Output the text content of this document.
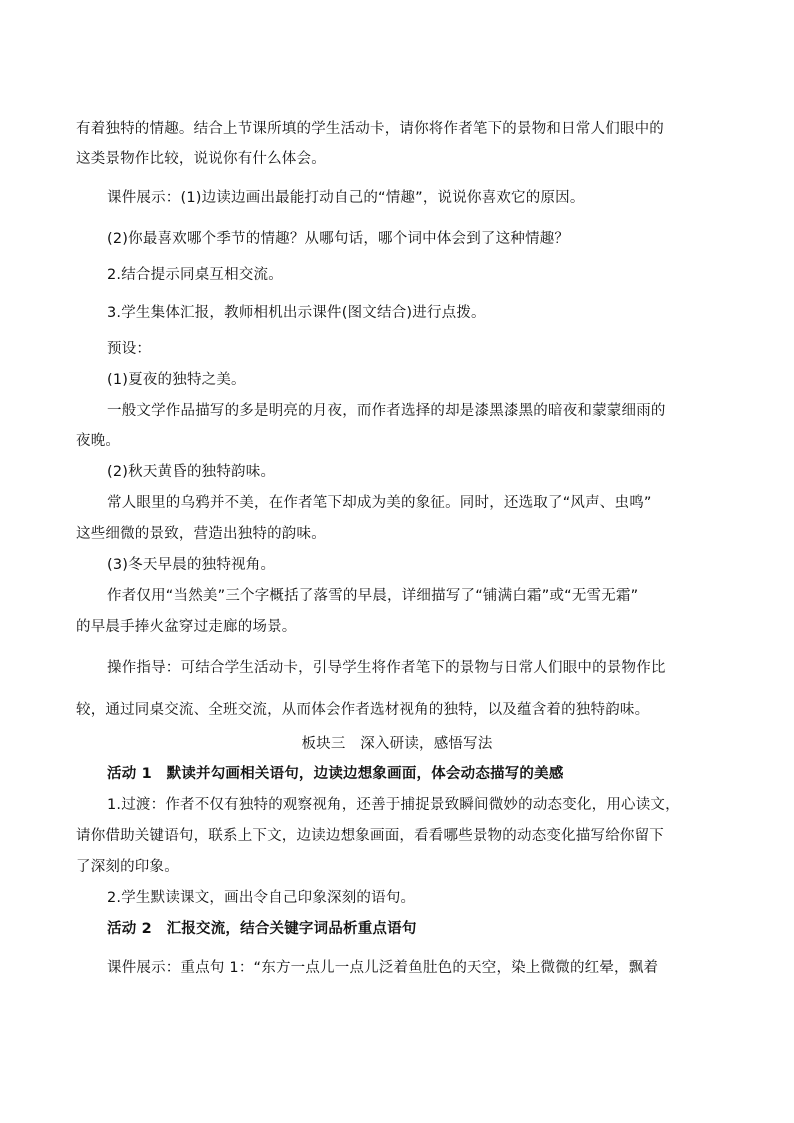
有着独特的情趣。结合上节课所填的学生活动卡，请你将作者笔下的景物和日常人们眼中的
这类景物作比较，说说你有什么体会。
课件展示：(1)边读边画出最能打动自己的“情趣”，说说你喜欢它的原因。
(2)你最喜欢哪个季节的情趣？从哪句话，哪个词中体会到了这种情趣？
2.结合提示同桌互相交流。
3.学生集体汇报，教师相机出示课件(图文结合)进行点拨。
预设：
(1)夏夜的独特之美。
一般文学作品描写的多是明亮的月夜，而作者选择的却是漆黑漆黑的暗夜和蒙蒙细雨的
夜晚。
(2)秋天黄昏的独特韵味。
常人眼里的乌鸦并不美，在作者笔下却成为美的象征。同时，还选取了“风声、虫鸣”
这些细微的景致，营造出独特的韵味。
(3)冬天早晨的独特视角。
作者仅用“当然美”三个字概括了落雪的早晨，详细描写了“铺满白霜”或“无雪无霜”
的早晨手捧火盆穿过走廊的场景。
操作指导：可结合学生活动卡，引导学生将作者笔下的景物与日常人们眼中的景物作比
较，通过同桌交流、全班交流，从而体会作者选材视角的独特，以及蕴含着的独特韵味。
板块三　深入研读，感悟写法
活动 1　默读并勾画相关语句，边读边想象画面，体会动态描写的美感
1.过渡：作者不仅有独特的观察视角，还善于捕捉景致瞬间微妙的动态变化，用心读文，
请你借助关键语句，联系上下文，边读边想象画面，看看哪些景物的动态变化描写给你留下
了深刻的印象。
2.学生默读课文，画出令自己印象深刻的语句。
活动 2　汇报交流，结合关键字词品析重点语句
课件展示：重点句 1：“东方一点儿一点儿泛着鱼肚色的天空，染上微微的红晕，飘着
